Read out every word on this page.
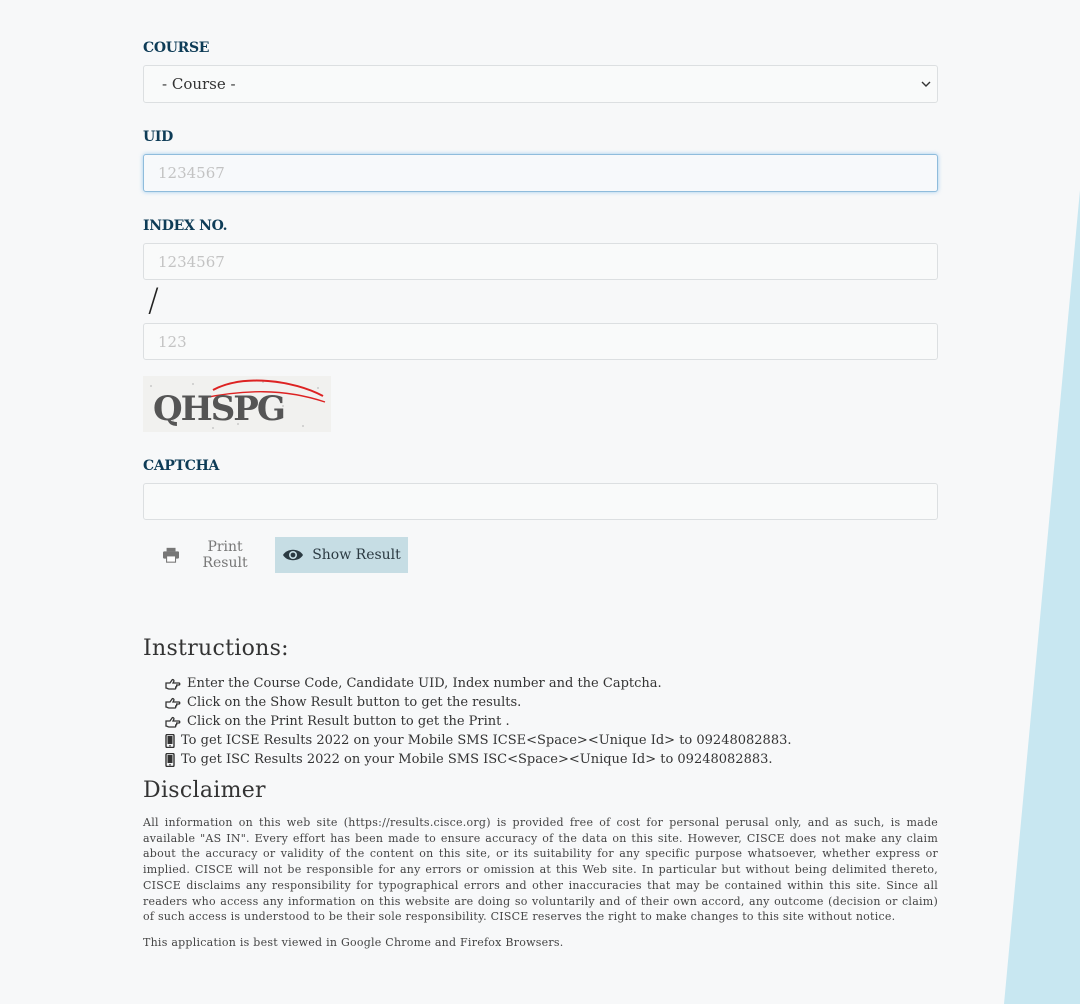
COURSE
- Course -
UID
1234567
INDEX NO.
1234567
/
123
QHSPG
CAPTCHA
Print Result	Show Result
Instructions:
Enter the Course Code, Candidate UID, Index number and the Captcha.
Click on the Show Result button to get the results.
Click on the Print Result button to get the Print .
To get ICSE Results 2022 on your Mobile SMS ICSE<Space><Unique Id> to 09248082883.
To get ISC Results 2022 on your Mobile SMS ISC<Space><Unique Id> to 09248082883.
Disclaimer
All information on this web site (https://results.cisce.org) is provided free of cost for personal perusal only, and as such, is made available "AS IN". Every effort has been made to ensure accuracy of the data on this site. However, CISCE does not make any claim about the accuracy or validity of the content on this site, or its suitability for any specific purpose whatsoever, whether express or implied. CISCE will not be responsible for any errors or omission at this Web site. In particular but without being delimited thereto, CISCE disclaims any responsibility for typographical errors and other inaccuracies that may be contained within this site. Since all readers who access any information on this website are doing so voluntarily and of their own accord, any outcome (decision or claim) of such access is understood to be their sole responsibility. CISCE reserves the right to make changes to this site without notice.
This application is best viewed in Google Chrome and Firefox Browsers.
